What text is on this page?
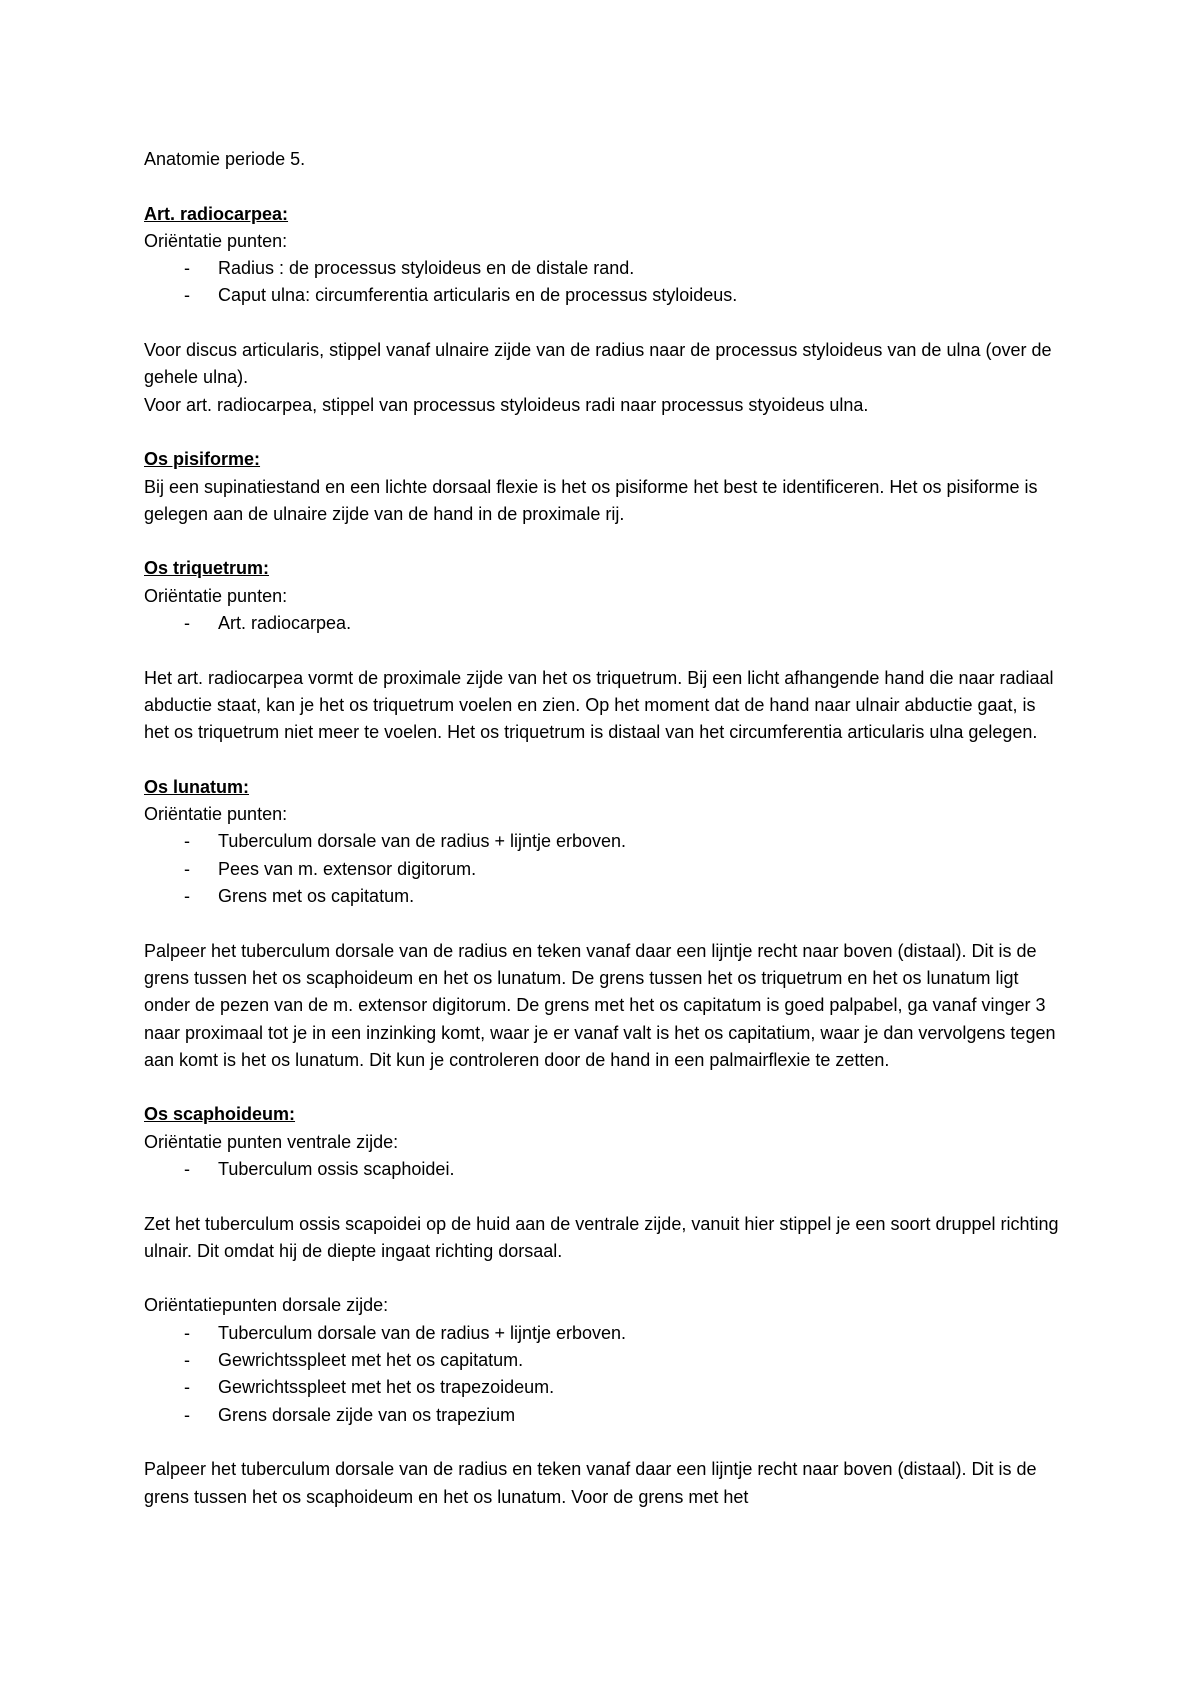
Anatomie periode 5.

Art. radiocarpea:

Oriëntatie punten:

- Radius : de processus styloideus en de distale rand.

- Caput ulna: circumferentia articularis en de processus styloideus.

Voor discus articularis, stippel vanaf ulnaire zijde van de radius naar de processus styloideus van de ulna (over de gehele ulna).

Voor art. radiocarpea, stippel van processus styloideus radi naar processus styoideus ulna.

Os pisiforme:

Bij een supinatiestand en een lichte dorsaal flexie is het os pisiforme het best te identificeren. Het os pisiforme is gelegen aan de ulnaire zijde van de hand in de proximale rij.

Os triquetrum:

Oriëntatie punten:

- Art. radiocarpea.

Het art. radiocarpea vormt de proximale zijde van het os triquetrum. Bij een licht afhangende hand die naar radiaal abductie staat, kan je het os triquetrum voelen en zien. Op het moment dat de hand naar ulnair abductie gaat, is het os triquetrum niet meer te voelen. Het os triquetrum is distaal van het circumferentia articularis ulna gelegen.

Os lunatum:

Oriëntatie punten:

- Tuberculum dorsale van de radius + lijntje erboven.

- Pees van m. extensor digitorum.

- Grens met os capitatum.

Palpeer het tuberculum dorsale van de radius en teken vanaf daar een lijntje recht naar boven (distaal). Dit is de grens tussen het os scaphoideum en het os lunatum. De grens tussen het os triquetrum en het os lunatum ligt onder de pezen van de m. extensor digitorum. De grens met het os capitatum is goed palpabel, ga vanaf vinger 3 naar proximaal tot je in een inzinking komt, waar je er vanaf valt is het os capitatium, waar je dan vervolgens tegen aan komt is het os lunatum. Dit kun je controleren door de hand in een palmairflexie te zetten.

Os scaphoideum:

Oriëntatie punten ventrale zijde:

- Tuberculum ossis scaphoidei.

Zet het tuberculum ossis scapoidei op de huid aan de ventrale zijde, vanuit hier stippel je een soort druppel richting ulnair. Dit omdat hij de diepte ingaat richting dorsaal.

Oriëntatiepunten dorsale zijde:

- Tuberculum dorsale van de radius + lijntje erboven.

- Gewrichtsspleet met het os capitatum.

- Gewrichtsspleet met het os trapezoideum.

- Grens dorsale zijde van os trapezium

Palpeer het tuberculum dorsale van de radius en teken vanaf daar een lijntje recht naar boven (distaal). Dit is de grens tussen het os scaphoideum en het os lunatum. Voor de grens met het
